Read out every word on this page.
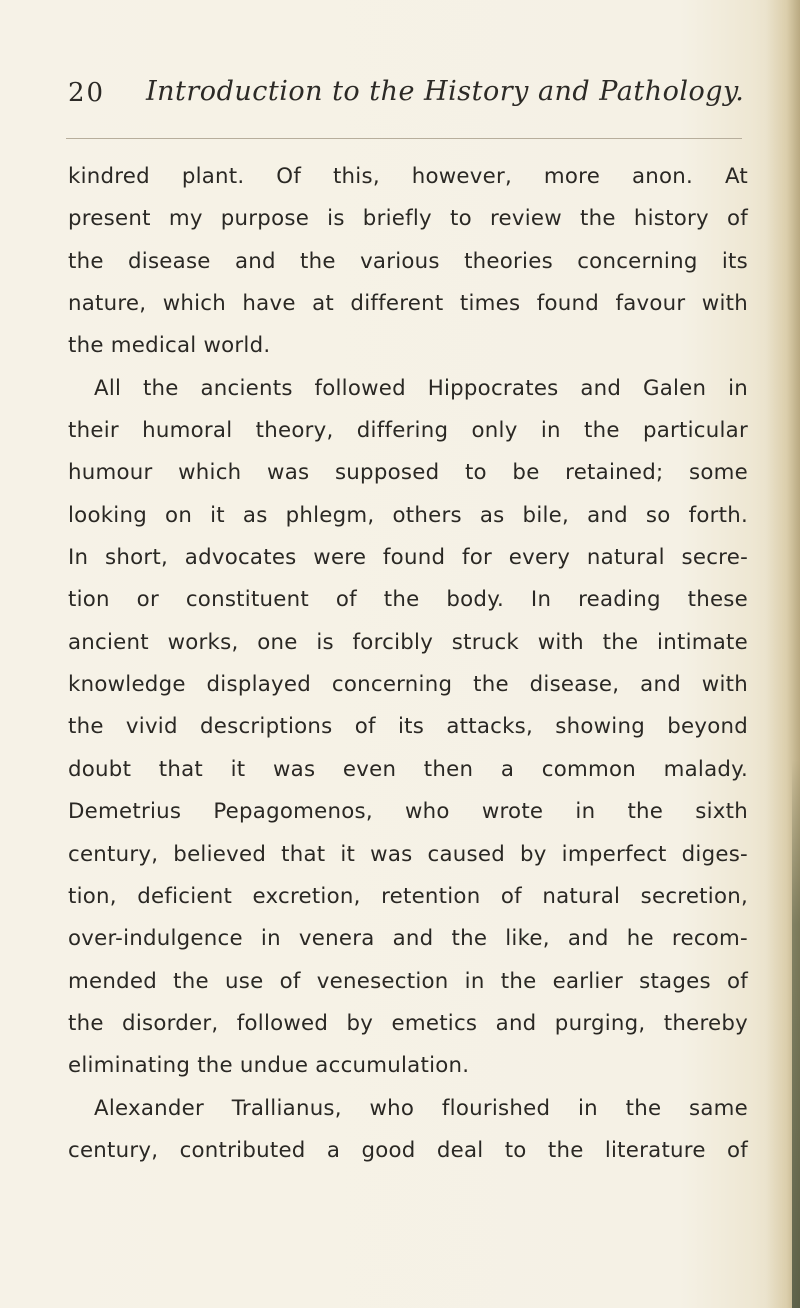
20 Introduction to the History and Pathology.
kindred plant. Of this, however, more anon. At
present my purpose is briefly to review the history of
the disease and the various theories concerning its
nature, which have at different times found favour with
the medical world.
All the ancients followed Hippocrates and Galen in
their humoral theory, differing only in the particular
humour which was supposed to be retained; some
looking on it as phlegm, others as bile, and so forth.
In short, advocates were found for every natural secre-
tion or constituent of the body. In reading these
ancient works, one is forcibly struck with the intimate
knowledge displayed concerning the disease, and with
the vivid descriptions of its attacks, showing beyond
doubt that it was even then a common malady.
Demetrius Pepagomenos, who wrote in the sixth
century, believed that it was caused by imperfect diges-
tion, deficient excretion, retention of natural secretion,
over-indulgence in venera and the like, and he recom-
mended the use of venesection in the earlier stages of
the disorder, followed by emetics and purging, thereby
eliminating the undue accumulation.
Alexander Trallianus, who flourished in the same
century, contributed a good deal to the literature of
